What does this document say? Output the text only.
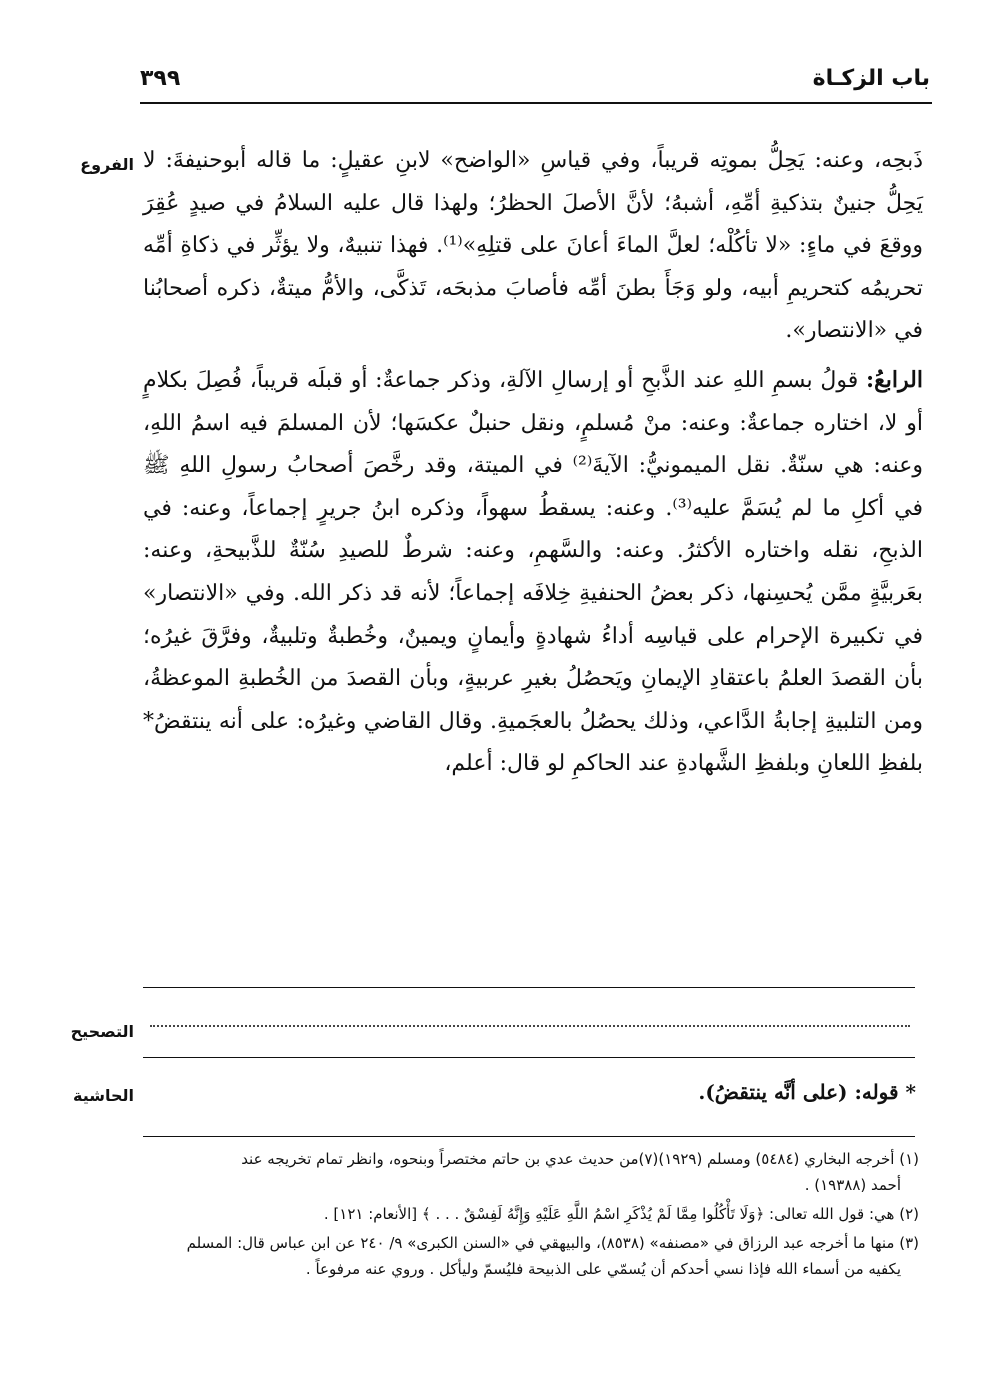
باب الزكـاة
٣٩٩
الفروع ذَبحِه، وعنه: يَحِلُّ بموتِه قريباً، وفي قياسِ «الواضح» لابنِ عقيلٍ: ما قاله أبوحنيفةَ: لا يَحِلُّ جنينٌ بتذكيةِ أمِّهِ، أشبهُ؛ لأنَّ الأصلَ الحظرُ؛ ولهذا قال عليه السلامُ في صيدٍ عُقِرَ ووقعَ في ماءٍ: «لا تأكُلْه؛ لعلَّ الماءَ أعانَ على قتلِهِ»⁽¹⁾. فهذا تنبيهٌ، ولا يؤثِّر في ذكاةِ أمِّه تحريمُه كتحريمِ أبيه، ولو وَجَأَ بطنَ أمِّه فأصابَ مذبحَه، تَذكَّى، والأمُّ ميتةٌ، ذكره أصحابُنا في «الانتصار».

الرابعُ: قولُ بسمِ اللهِ عند الذَّبحِ أو إرسالِ الآلةِ، وذكر جماعةٌ: أو قبلَه قريباً، فُصِلَ بكلامٍ أو لا، اختاره جماعةٌ: وعنه: منْ مُسلمٍ، ونقل حنبلٌ عكسَها؛ لأن المسلمَ فيه اسمُ اللهِ، وعنه: هي سنّةٌ. نقل الميمونيُّ: الآيةَ⁽²⁾ في الميتة، وقد رخَّصَ أصحابُ رسولِ اللهِ ﷺ في أكلِ ما لم يُسَمَّ عليه⁽³⁾. وعنه: يسقطُ سهواً، وذكره ابنُ جريرٍ إجماعاً، وعنه: في الذبحِ، نقله واختاره الأكثرُ. وعنه: والسَّهمِ، وعنه: شرطٌ للصيدِ سُنّةٌ للذَّبيحةِ، وعنه: بعَربيَّةٍ ممَّن يُحسِنها، ذكر بعضُ الحنفيةِ خِلافَه إجماعاً؛ لأنه قد ذكر الله. وفي «الانتصار» في تكبيرة الإحرام على قياسِه أداءُ شهادةٍ وأيمانٍ ويمينٌ، وخُطبةٌ وتلبيةٌ، وفرَّقَ غيرُه؛ بأن القصدَ العلمُ باعتقادِ الإيمانِ ويَحصُلُ بغيرِ عربيةٍ، وبأن القصدَ من الخُطبةِ الموعظةُ، ومن التلبيةِ إجابةُ الدَّاعي، وذلك يحصُلُ بالعجَميةِ. وقال القاضي وغيرُه: على أنه ينتقضُ* بلفظِ اللعانِ وبلفظِ الشَّهادةِ عند الحاكمِ لو قال: أعلم،

التصحيح
الحاشية	* قوله: (على أنَّه ينتقضُ).

(١) أخرجه البخاري (٥٤٨٤) ومسلم (١٩٢٩)(٧)من حديث عدي بن حاتم مختصراً وبنحوه، وانظر تمام تخريجه عند
أحمد (١٩٣٨٨) .

(٢) هي: قول الله تعالى: ﴿وَلَا تَأْكُلُوا مِمَّا لَمْ يُذْكَرِ اسْمُ اللَّهِ عَلَيْهِ وَإِنَّهُ لَفِسْقٌ . . . ﴾ [الأنعام: ١٢١] .

(٣) منها ما أخرجه عبد الرزاق في «مصنفه» (٨٥٣٨)، والبيهقي في «السنن الكبرى» ٩/ ٢٤٠ عن ابن عباس قال: المسلم
يكفيه من أسماء الله فإذا نسي أحدكم أن يُسمّي على الذبيحة فليُسمّ وليأكل . وروي عنه مرفوعاً .
